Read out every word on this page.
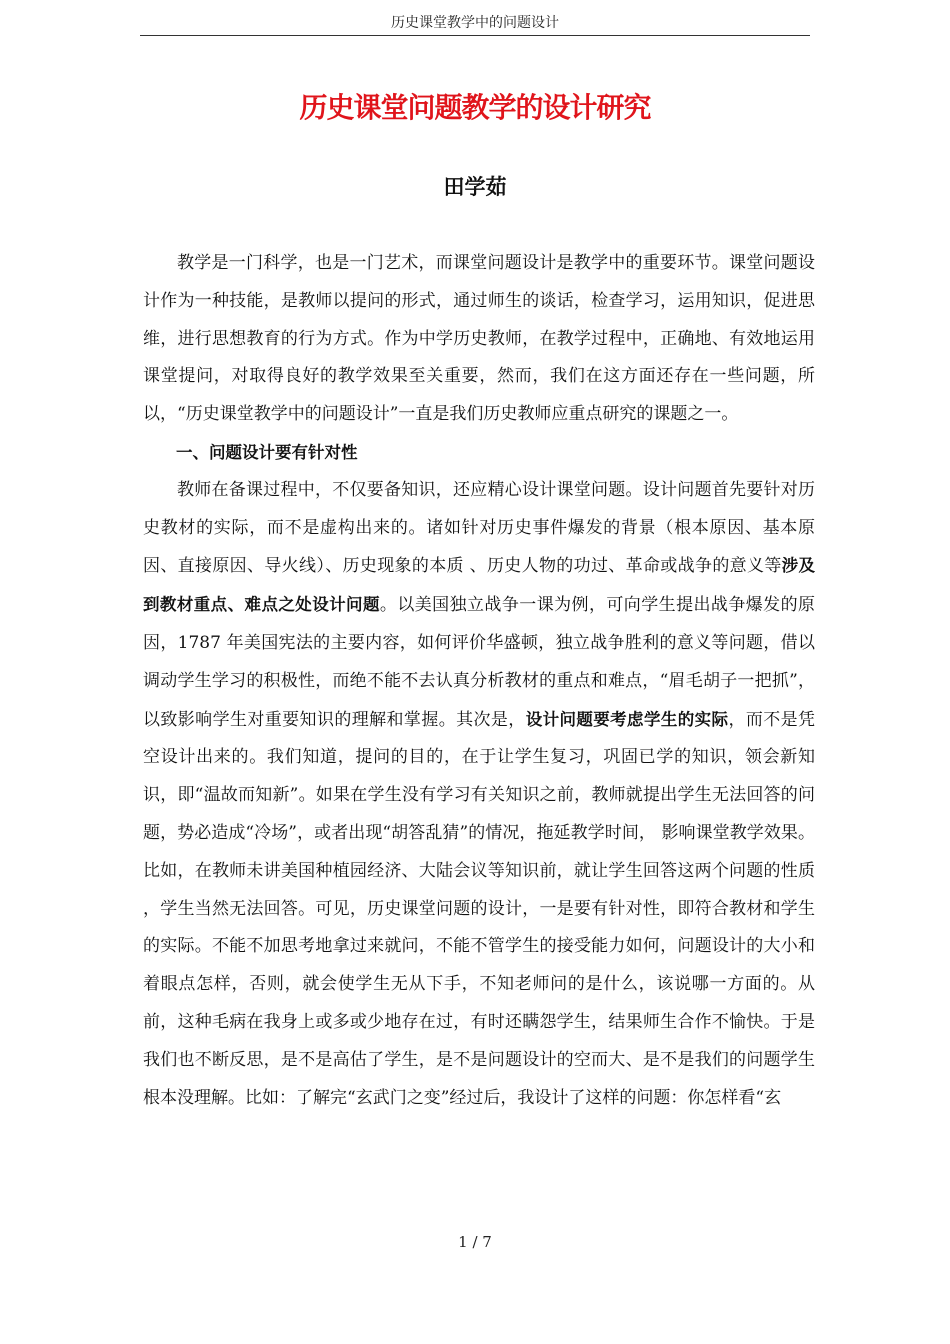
历史课堂教学中的问题设计
历史课堂问题教学的设计研究
田学茹

教学是一门科学，也是一门艺术，而课堂问题设计是教学中的重要环节。课堂问题设计作为一种技能，是教师以提问的形式，通过师生的谈话，检查学习，运用知识，促进思维，进行思想教育的行为方式。作为中学历史教师，在教学过程中，正确地、有效地运用课堂提问，对取得良好的教学效果至关重要，然而，我们在这方面还存在一些问题，所以，“历史课堂教学中的问题设计”一直是我们历史教师应重点研究的课题之一。

一、问题设计要有针对性

教师在备课过程中，不仅要备知识，还应精心设计课堂问题。设计问题首先要针对历史教材的实际，而不是虚构出来的。诸如针对历史事件爆发的背景（根本原因、基本原因、直接原因、导火线）、历史现象的本质 、历史人物的功过、革命或战争的意义等涉及到教材重点、难点之处设计问题。以美国独立战争一课为例，可向学生提出战争爆发的原因，1787 年美国宪法的主要内容，如何评价华盛顿，独立战争胜利的意义等问题，借以调动学生学习的积极性，而绝不能不去认真分析教材的重点和难点，“眉毛胡子一把抓”，以致影响学生对重要知识的理解和掌握。其次是，设计问题要考虑学生的实际，而不是凭空设计出来的。我们知道，提问的目的，在于让学生复习，巩固已学的知识，领会新知识，即“温故而知新”。如果在学生没有学习有关知识之前，教师就提出学生无法回答的问题，势必造成“冷场”，或者出现“胡答乱猜”的情况，拖延教学时间， 影响课堂教学效果。比如，在教师未讲美国种植园经济、大陆会议等知识前，就让学生回答这两个问题的性质 ，学生当然无法回答。可见，历史课堂问题的设计，一是要有针对性，即符合教材和学生的实际。不能不加思考地拿过来就问，不能不管学生的接受能力如何，问题设计的大小和着眼点怎样，否则，就会使学生无从下手，不知老师问的是什么，该说哪一方面的。从前，这种毛病在我身上或多或少地存在过，有时还瞒怨学生，结果师生合作不愉快。于是我们也不断反思，是不是高估了学生，是不是问题设计的空而大、是不是我们的问题学生根本没理解。比如：了解完“玄武门之变”经过后，我设计了这样的问题：你怎样看“玄

1 / 7
